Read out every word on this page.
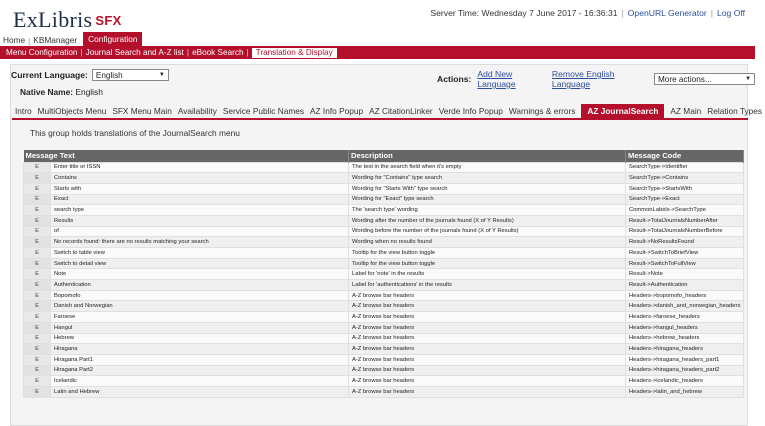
ExLibris SFX	Server Time: Wednesday 7 June 2017 - 16:36:31 | OpenURL Generator | Log Off
Home | KBManager	Configuration
Menu Configuration | Journal Search and A-Z list | eBook Search | Translation & Display
Current Language: English	▼	Actions: Add New Language
Remove English Language	More actions...	▼
Native Name: English
Intro MultiObjects Menu SFX Menu Main Availability Service Public Names AZ Info Popup AZ CitationLinker Verde Info Popup Warnings & errors	AZ JournalSearch	AZ Main Relation Types
This group holds translations of the JournalSearch menu
Message Text		Description	Message Code
E	Enter title or ISSN	The text in the search field when it's empty	SearchType->Identifier
E	Contains	Wording for "Contains" type search	SearchType->Contains
E	Starts with	Wording for "Starts With" type search	SearchType->StartsWith
E	Exact	Wording for "Exact" type search	SearchType->Exact
E	search type	The 'search type' wording	CommonLabels->SearchType
E	Results	Wording after the number of the journals found (X of Y Results)	Result->TotalJournalsNumberAfter
E	of	Wording before the number of the journals found (X of Y Results)	Result->TotalJournalsNumberBefore
E	No records found: there are no results matching your search	Wording when no results found	Result->NoResultsFound
E	Switch to table view	Tooltip for the view button toggle	Result->SwitchToBriefView
E	Switch to detail view	Tooltip for the view button toggle	Result->SwitchToFullView
E	Note	Label for 'note' in the results	Result->Note
E	Authentication	Label for 'authentications' in the results	Result->Authentication
E	Bopomofo	A-Z browse bar headers	Headers->bopomofo_headers
E	Danish and Norwegian	A-Z browse bar headers	Headers->danish_and_norwegian_headers
E	Faroese	A-Z browse bar headers	Headers->faroese_headers
E	Hangul	A-Z browse bar headers	Headers->hangul_headers
E	Hebrew	A-Z browse bar headers	Headers->hebrew_headers
E	Hiragana	A-Z browse bar headers	Headers->hiragana_headers
E	Hiragana Part1	A-Z browse bar headers	Headers->hiragana_headers_part1
E	Hiragana Part2	A-Z browse bar headers	Headers->hiragana_headers_part2
E	Icelandic	A-Z browse bar headers	Headers->icelandic_headers
E	Latin and Hebrew	A-Z browse bar headers	Headers->latin_and_hebrew
